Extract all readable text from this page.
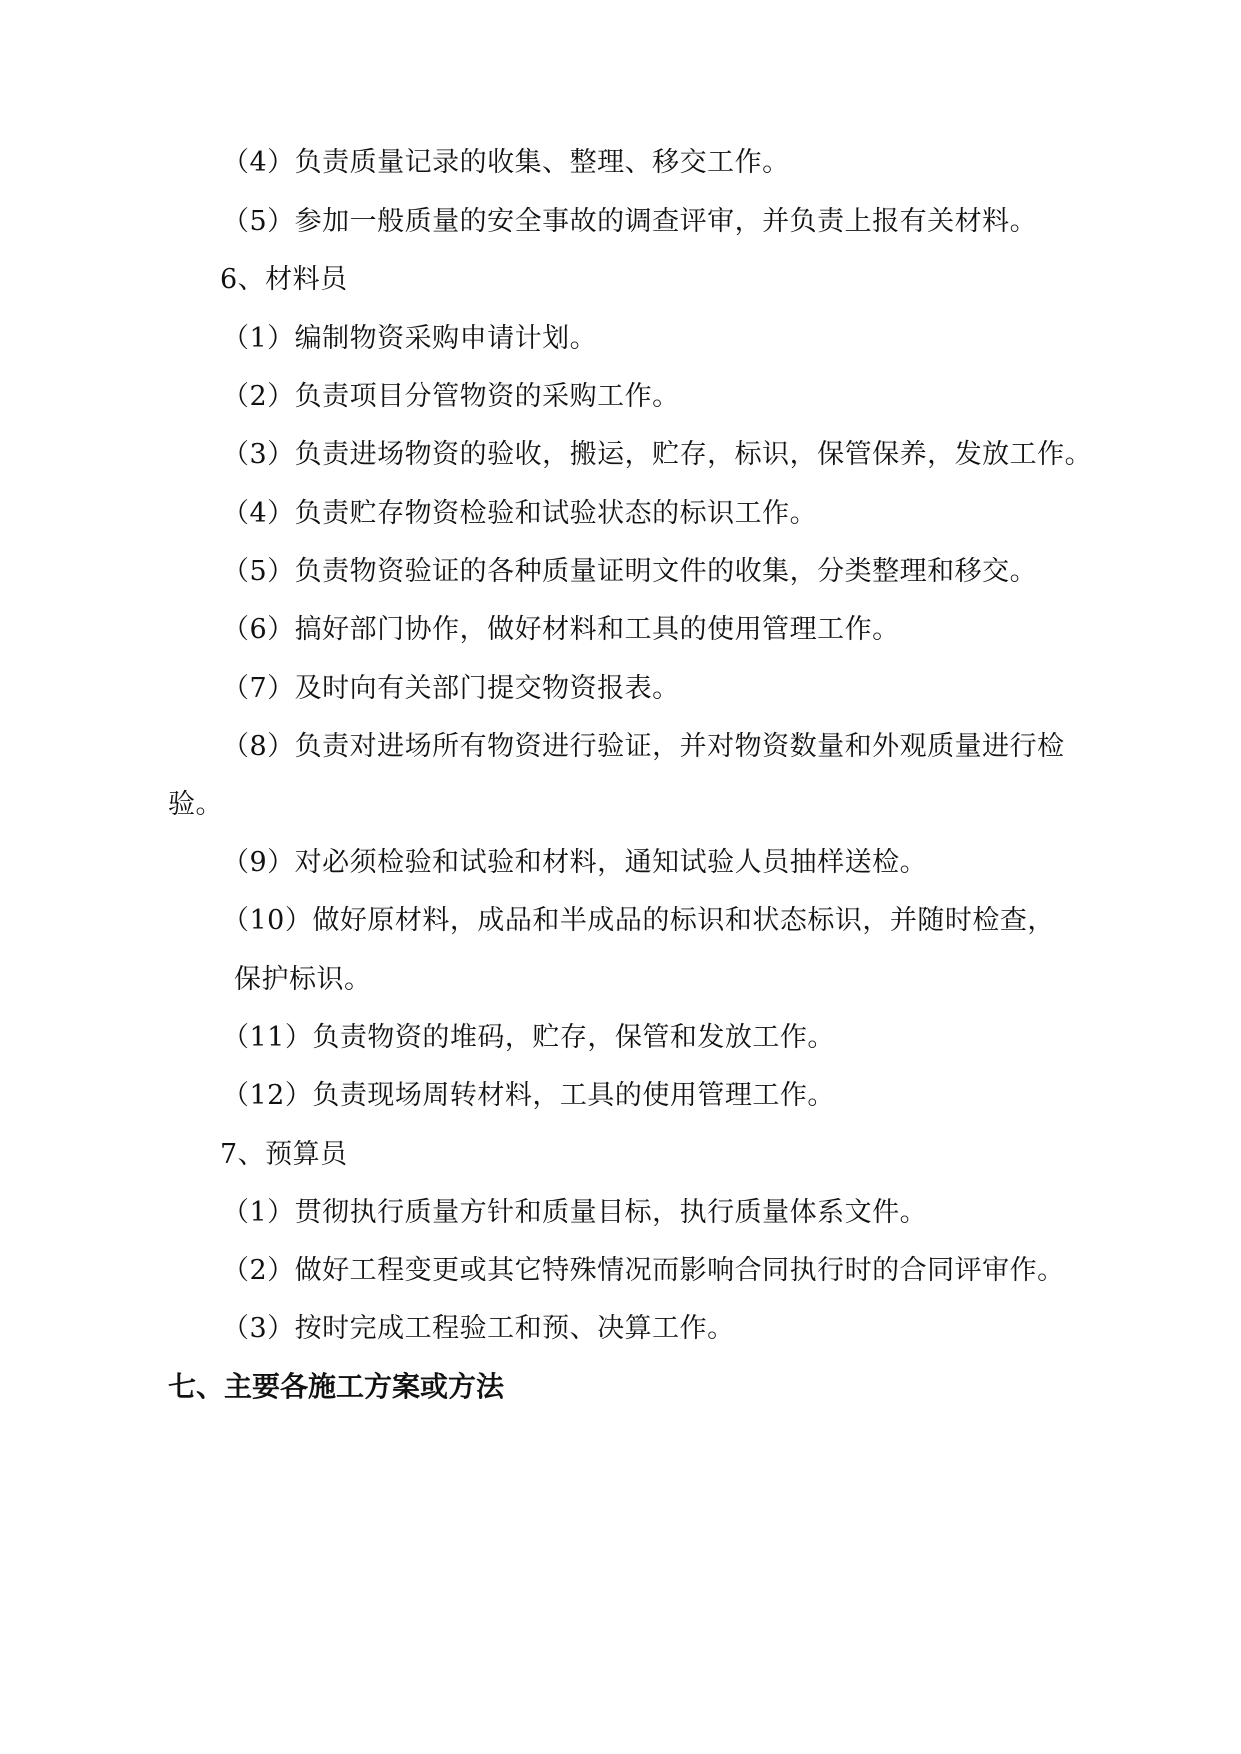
（4）负责质量记录的收集、整理、移交工作。
（5）参加一般质量的安全事故的调查评审，并负责上报有关材料。
6、材料员
（1）编制物资采购申请计划。
（2）负责项目分管物资的采购工作。
（3）负责进场物资的验收，搬运，贮存，标识，保管保养，发放工作。
（4）负责贮存物资检验和试验状态的标识工作。
（5）负责物资验证的各种质量证明文件的收集，分类整理和移交。
（6）搞好部门协作，做好材料和工具的使用管理工作。
（7）及时向有关部门提交物资报表。
（8）负责对进场所有物资进行验证，并对物资数量和外观质量进行检
验。
（9）对必须检验和试验和材料，通知试验人员抽样送检。
（10）做好原材料，成品和半成品的标识和状态标识，并随时检查，
保护标识。
（11）负责物资的堆码，贮存，保管和发放工作。
（12）负责现场周转材料，工具的使用管理工作。
7、预算员
（1）贯彻执行质量方针和质量目标，执行质量体系文件。
（2）做好工程变更或其它特殊情况而影响合同执行时的合同评审作。
（3）按时完成工程验工和预、决算工作。
七、主要各施工方案或方法
